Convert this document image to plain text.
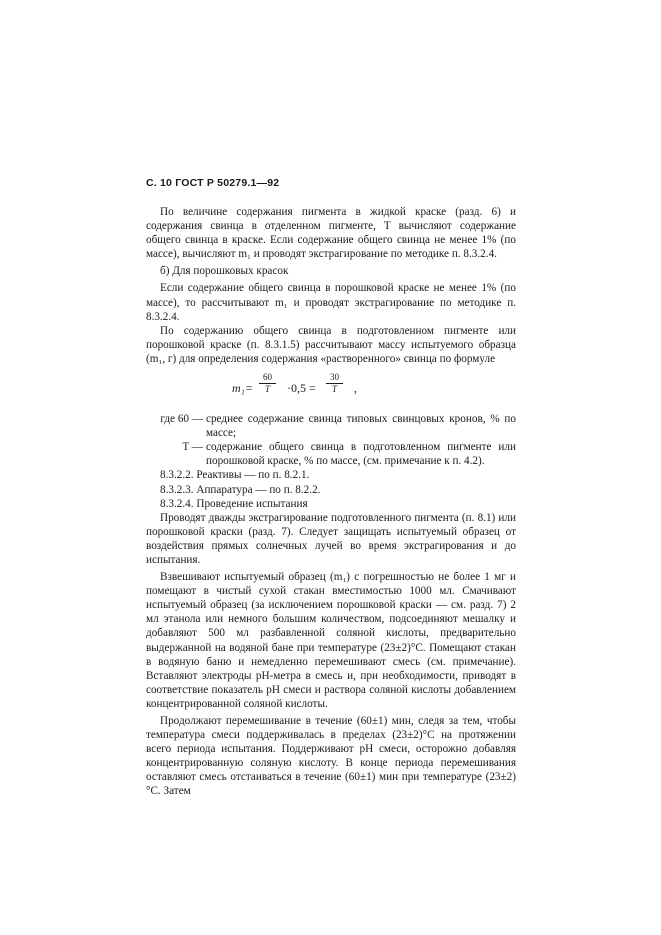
С. 10 ГОСТ Р 50279.1—92

По величине содержания пигмента в жидкой краске (разд. 6) и содержания свинца в отделенном пигменте, T вычисляют содержание общего свинца в краске. Если содержание общего свинца не менее 1% (по массе), вычисляют m₁ и проводят экстрагирование по методике п. 8.3.2.4.

б) Для порошковых красок

Если содержание общего свинца в порошковой краске не менее 1% (по массе), то рассчитывают m₁ и проводят экстрагирование по методике п. 8.3.2.4.

По содержанию общего свинца в подготовленном пигменте или порошковой краске (п. 8.3.1.5) рассчитывают массу испытуемого образца (m₁, г) для определения содержания «растворенного» свинца по формуле

$m_1= \frac{60}{T} \cdot 0,5 = \frac{30}{T}$ ,
где 60 — среднее содержание свинца типовых свинцовых кронов, % по массе;
T — содержание общего свинца в подготовленном пигменте или порошковой краске, % по массе, (см. примечание к п. 4.2).

8.3.2.2. Реактивы — по п. 8.2.1.

8.3.2.3. Аппаратура — по п. 8.2.2.

8.3.2.4. Проведение испытания

Проводят дважды экстрагирование подготовленного пигмента (п. 8.1) или порошковой краски (разд. 7). Следует защищать испытуемый образец от воздействия прямых солнечных лучей во время экстрагирования и до испытания.

Взвешивают испытуемый образец (m₁) с погрешностью не более 1 мг и помещают в чистый сухой стакан вместимостью 1000 мл. Смачивают испытуемый образец (за исключением порошковой краски — см. разд. 7) 2 мл этанола или немного большим количеством, подсоединяют мешалку и добавляют 500 мл разбавленной соляной кислоты, предварительно выдержанной на водяной бане при температуре (23±2)°С. Помещают стакан в водяную баню и немедленно перемешивают смесь (см. примечание). Вставляют электроды pH-метра в смесь и, при необходимости, приводят в соответствие показатель pH смеси и раствора соляной кислоты добавлением концентрированной соляной кислоты.

Продолжают перемешивание в течение (60±1) мин, следя за тем, чтобы температура смеси поддерживалась в пределах (23±2)°С на протяжении всего периода испытания. Поддерживают pH смеси, осторожно добавляя концентрированную соляную кислоту. В конце периода перемешивания оставляют смесь отстаиваться в течение (60±1) мин при температуре (23±2)°С. Затем
